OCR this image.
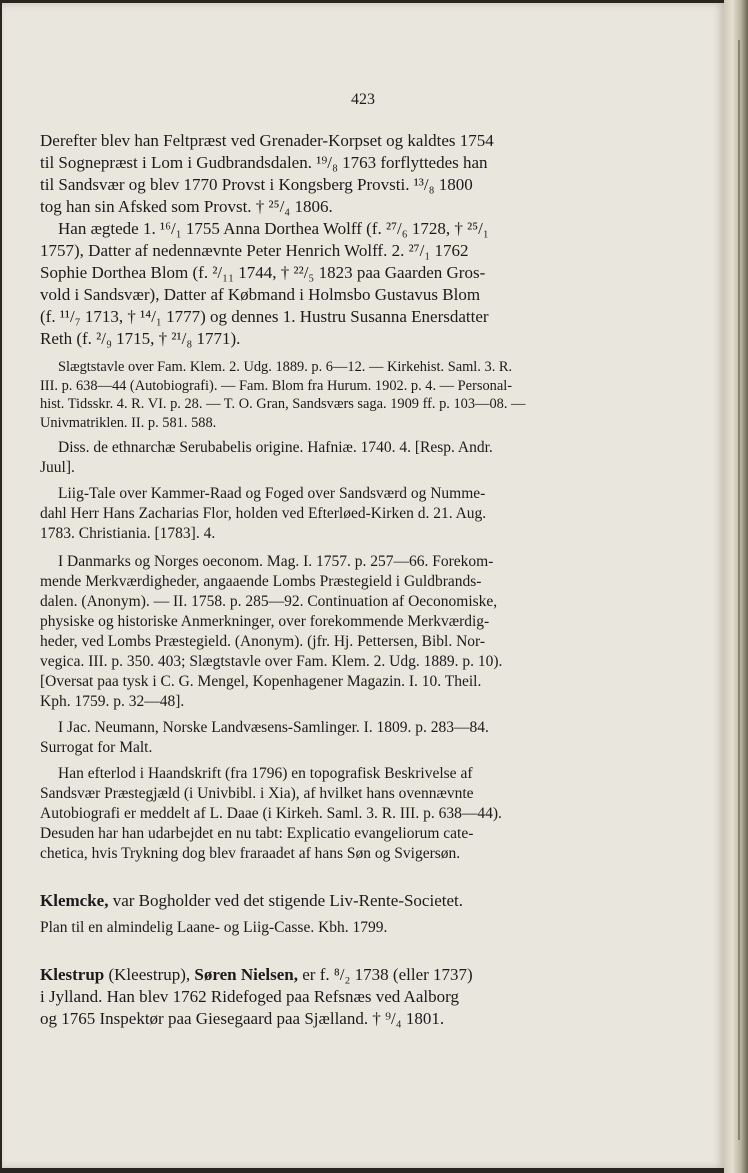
423
Derefter blev han Feltpræst ved Grenader-Korpset og kaldtes 1754
til Sognepræst i Lom i Gudbrandsdalen. ¹⁹/₈ 1763 forflyttedes han
til Sandsvær og blev 1770 Provst i Kongsberg Provsti. ¹³/₈ 1800
tog han sin Afsked som Provst. † ²⁵/₄ 1806.
Han ægtede 1. ¹⁶/₁ 1755 Anna Dorthea Wolff (f. ²⁷/₆ 1728, † ²⁵/₁
1757), Datter af nedennævnte Peter Henrich Wolff. 2. ²⁷/₁ 1762
Sophie Dorthea Blom (f. ²/₁₁ 1744, † ²²/₅ 1823 paa Gaarden Gros-
vold i Sandsvær), Datter af Købmand i Holmsbo Gustavus Blom
(f. ¹¹/₇ 1713, † ¹⁴/₁ 1777) og dennes 1. Hustru Susanna Enersdatter
Reth (f. ²/₉ 1715, † ²¹/₈ 1771).
Slægtstavle over Fam. Klem. 2. Udg. 1889. p. 6—12. — Kirkehist. Saml. 3. R.
III. p. 638—44 (Autobiografi). — Fam. Blom fra Hurum. 1902. p. 4. — Personal-
hist. Tidsskr. 4. R. VI. p. 28. — T. O. Gran, Sandsværs saga. 1909 ff. p. 103—08. —
Univmatriklen. II. p. 581. 588.
Diss. de ethnarchæ Serubabelis origine. Hafniæ. 1740. 4. [Resp. Andr.
Juul].
Liig-Tale over Kammer-Raad og Foged over Sandsværd og Numme-
dahl Herr Hans Zacharias Flor, holden ved Efterløed-Kirken d. 21. Aug.
1783. Christiania. [1783]. 4.
I Danmarks og Norges oeconom. Mag. I. 1757. p. 257—66. Forekom-
mende Merkværdigheder, angaaende Lombs Præstegield i Guldbrands-
dalen. (Anonym). — II. 1758. p. 285—92. Continuation af Oeconomiske,
physiske og historiske Anmerkninger, over forekommende Merkværdig-
heder, ved Lombs Præstegield. (Anonym). (jfr. Hj. Pettersen, Bibl. Nor-
vegica. III. p. 350. 403; Slægtstavle over Fam. Klem. 2. Udg. 1889. p. 10).
[Oversat paa tysk i C. G. Mengel, Kopenhagener Magazin. I. 10. Theil.
Kph. 1759. p. 32—48].
I Jac. Neumann, Norske Landvæsens-Samlinger. I. 1809. p. 283—84.
Surrogat for Malt.
Han efterlod i Haandskrift (fra 1796) en topografisk Beskrivelse af
Sandsvær Præstegjæld (i Univbibl. i Xia), af hvilket hans ovennævnte
Autobiografi er meddelt af L. Daae (i Kirkeh. Saml. 3. R. III. p. 638—44).
Desuden har han udarbejdet en nu tabt: Explicatio evangeliorum cate-
chetica, hvis Trykning dog blev fraraadet af hans Søn og Svigersøn.
Klemcke, var Bogholder ved det stigende Liv-Rente-Societet.
Plan til en almindelig Laane- og Liig-Casse. Kbh. 1799.
Klestrup (Kleestrup), Søren Nielsen, er f. ⁸/₂ 1738 (eller 1737)
i Jylland. Han blev 1762 Ridefoged paa Refsnæs ved Aalborg
og 1765 Inspektør paa Giesegaard paa Sjælland. † ⁹/₄ 1801.
